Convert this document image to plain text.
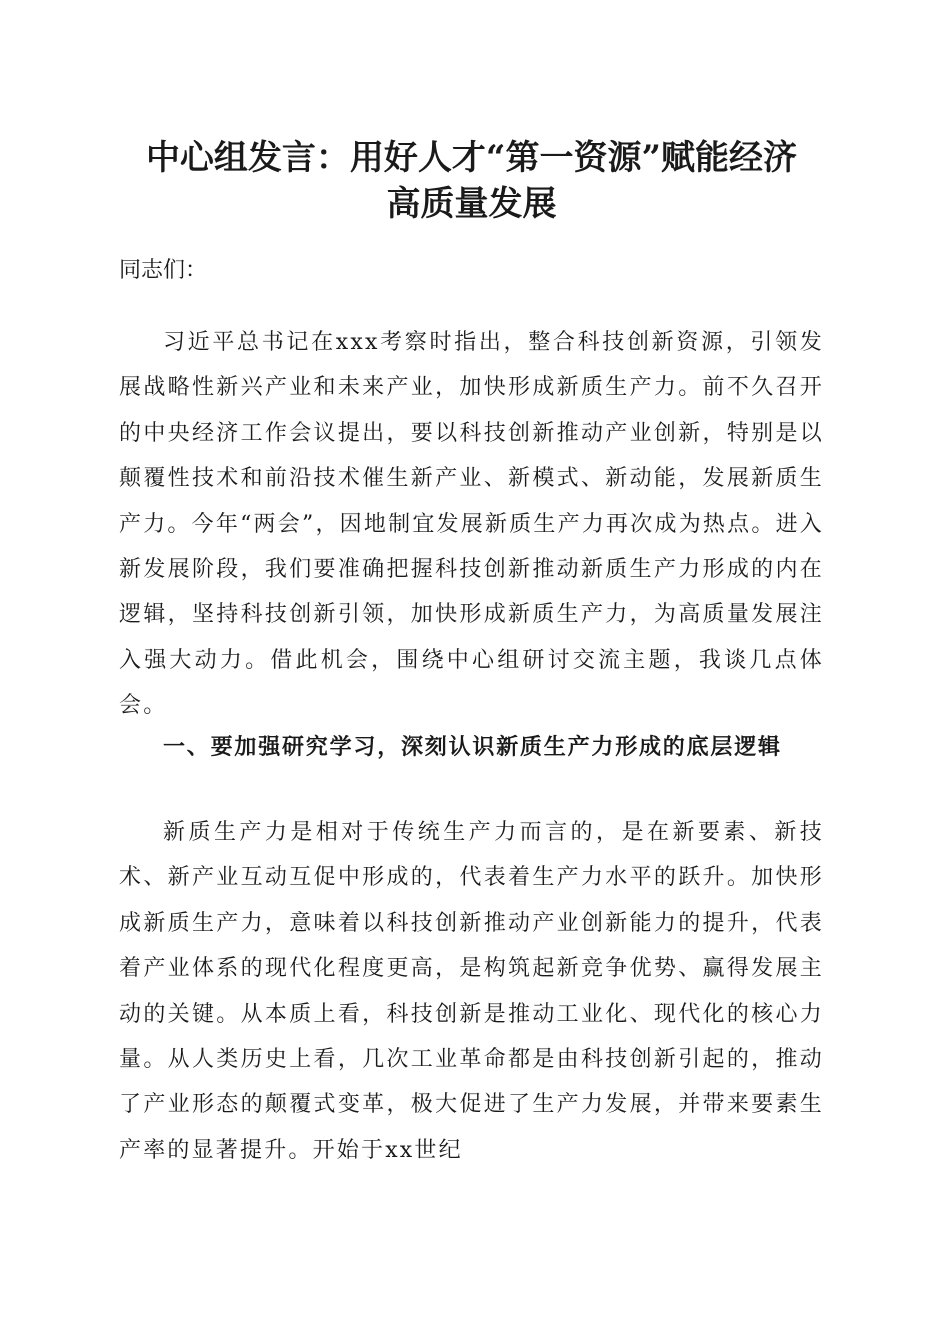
中心组发言：用好人才“第一资源”赋能经济
高质量发展
同志们：

习近平总书记在xxx考察时指出，整合科技创新资源，引领发展战略性新兴产业和未来产业，加快形成新质生产力。前不久召开的中央经济工作会议提出，要以科技创新推动产业创新，特别是以颠覆性技术和前沿技术催生新产业、新模式、新动能，发展新质生产力。今年“两会”，因地制宜发展新质生产力再次成为热点。进入新发展阶段，我们要准确把握科技创新推动新质生产力形成的内在逻辑，坚持科技创新引领，加快形成新质生产力，为高质量发展注入强大动力。借此机会，围绕中心组研讨交流主题，我谈几点体会。

一、要加强研究学习，深刻认识新质生产力形成的底层逻辑

新质生产力是相对于传统生产力而言的，是在新要素、新技术、新产业互动互促中形成的，代表着生产力水平的跃升。加快形成新质生产力，意味着以科技创新推动产业创新能力的提升，代表着产业体系的现代化程度更高，是构筑起新竞争优势、赢得发展主动的关键。从本质上看，科技创新是推动工业化、现代化的核心力量。从人类历史上看，几次工业革命都是由科技创新引起的，推动了产业形态的颠覆式变革，极大促进了生产力发展，并带来要素生产率的显著提升。开始于xx世纪
